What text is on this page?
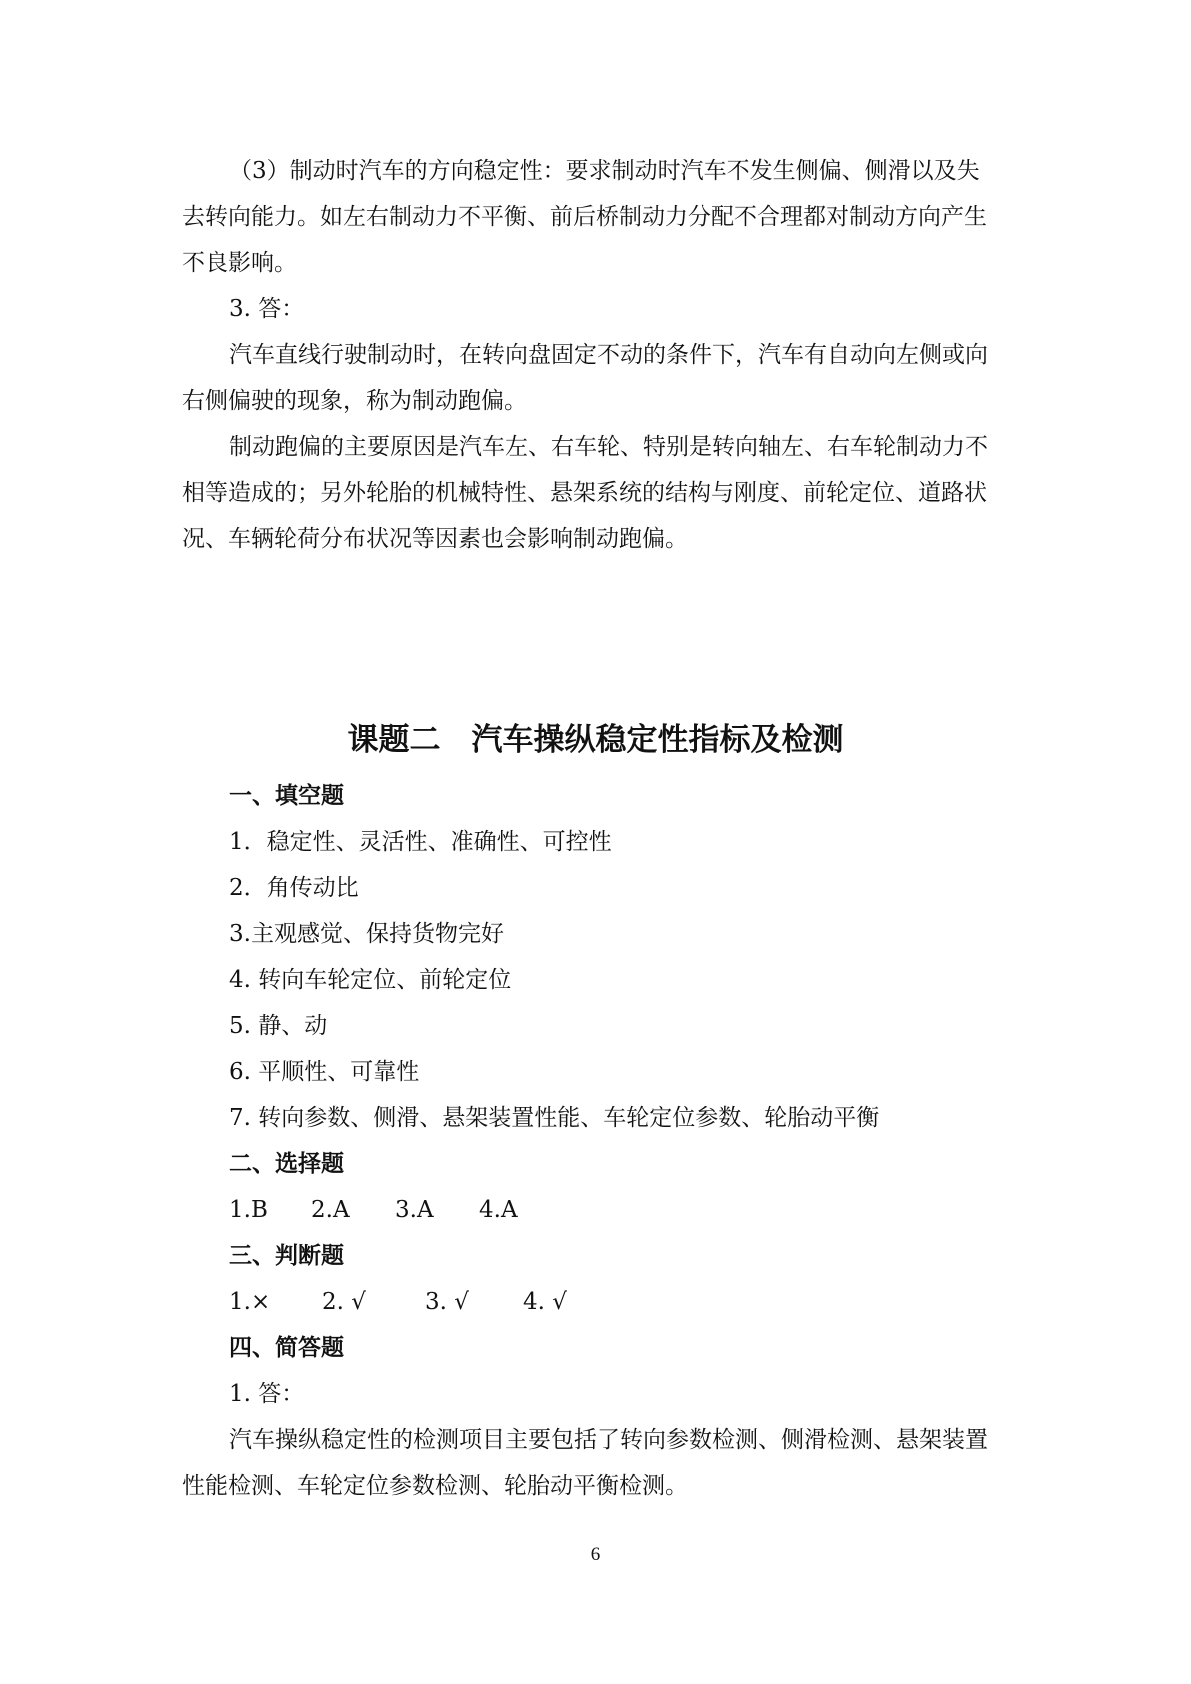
（3）制动时汽车的方向稳定性：要求制动时汽车不发生侧偏、侧滑以及失
去转向能力。如左右制动力不平衡、前后桥制动力分配不合理都对制动方向产生
不良影响。
3. 答：
汽车直线行驶制动时，在转向盘固定不动的条件下，汽车有自动向左侧或向
右侧偏驶的现象，称为制动跑偏。
制动跑偏的主要原因是汽车左、右车轮、特别是转向轴左、右车轮制动力不
相等造成的；另外轮胎的机械特性、悬架系统的结构与刚度、前轮定位、道路状
况、车辆轮荷分布状况等因素也会影响制动跑偏。
课题二　汽车操纵稳定性指标及检测
一、填空题
1．稳定性、灵活性、准确性、可控性
2．角传动比
3.主观感觉、保持货物完好
4. 转向车轮定位、前轮定位
5. 静、动
6. 平顺性、可靠性
7. 转向参数、侧滑、悬架装置性能、车轮定位参数、轮胎动平衡
二、选择题
1.B 2.A 3.A 4.A
三、判断题
1.× 2. √	3. √ 4. √
四、简答题
1. 答：
汽车操纵稳定性的检测项目主要包括了转向参数检测、侧滑检测、悬架装置
性能检测、车轮定位参数检测、轮胎动平衡检测。
6
